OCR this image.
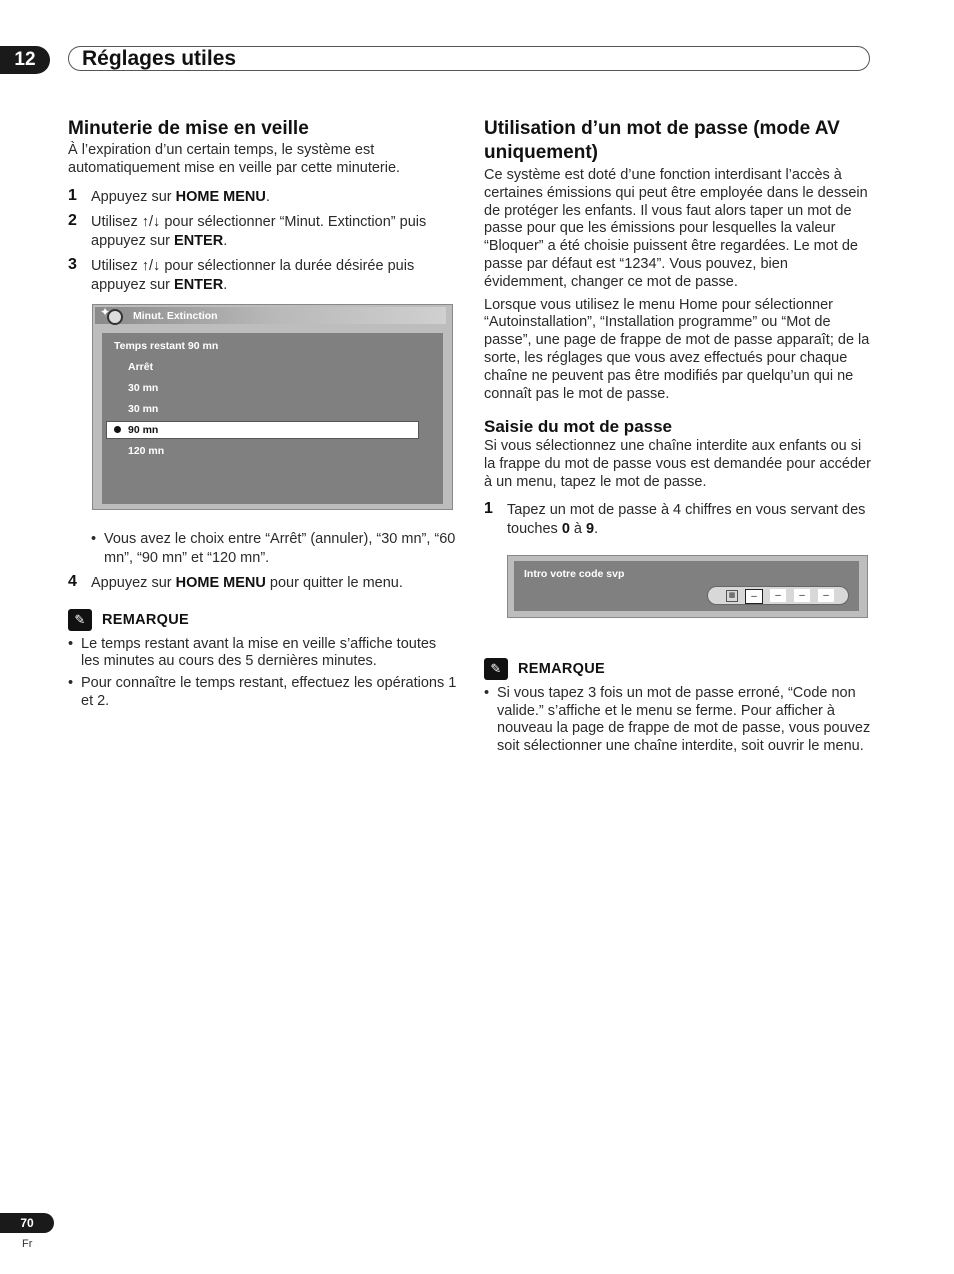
12	Réglages utiles
Minuterie de mise en veille

À l’expiration d’un certain temps, le système est automatiquement mise en veille par cette minuterie.

1 Appuyez sur HOME MENU.
2 Utilisez ↑/↓ pour sélectionner “Minut. Extinction” puis appuyez sur ENTER.
3 Utilisez ↑/↓ pour sélectionner la durée désirée puis appuyez sur ENTER.
✦ Minut. Extinction
Temps restant 90 mn
Arrêt
30 mn
30 mn
90 mn
120 mn
• Vous avez le choix entre “Arrêt” (annuler), “30 mn”, “60 mn”, “90 mn” et “120 mn”.
4 Appuyez sur HOME MENU pour quitter le menu.
✎	REMARQUE
• Le temps restant avant la mise en veille s’affiche toutes les minutes au cours des 5 dernières minutes.
• Pour connaître le temps restant, effectuez les opérations 1 et 2.
Utilisation d’un mot de passe (mode AV uniquement)

Ce système est doté d’une fonction interdisant l’accès à certaines émissions qui peut être employée dans le dessein de protéger les enfants. Il vous faut alors taper un mot de passe pour que les émissions pour lesquelles la valeur “Bloquer” a été choisie puissent être regardées. Le mot de passe par défaut est “1234”. Vous pouvez, bien évidemment, changer ce mot de passe.

Lorsque vous utilisez le menu Home pour sélectionner “Autoinstallation”, “Installation programme” ou “Mot de passe”, une page de frappe de mot de passe apparaît; de la sorte, les réglages que vous avez effectués pour chaque chaîne ne peuvent pas être modifiés par quelqu’un qui ne connaît pas le mot de passe.

Saisie du mot de passe

Si vous sélectionnez une chaîne interdite aux enfants ou si la frappe du mot de passe vous est demandée pour accéder à un menu, tapez le mot de passe.

1 Tapez un mot de passe à 4 chiffres en vous servant des touches 0 à 9.
Intro votre code svp
▦	–	–	–	–
✎	REMARQUE
• Si vous tapez 3 fois un mot de passe erroné, “Code non valide.” s’affiche et le menu se ferme. Pour afficher à nouveau la page de frappe de mot de passe, vous pouvez soit sélectionner une chaîne interdite, soit ouvrir le menu.
70
Fr
